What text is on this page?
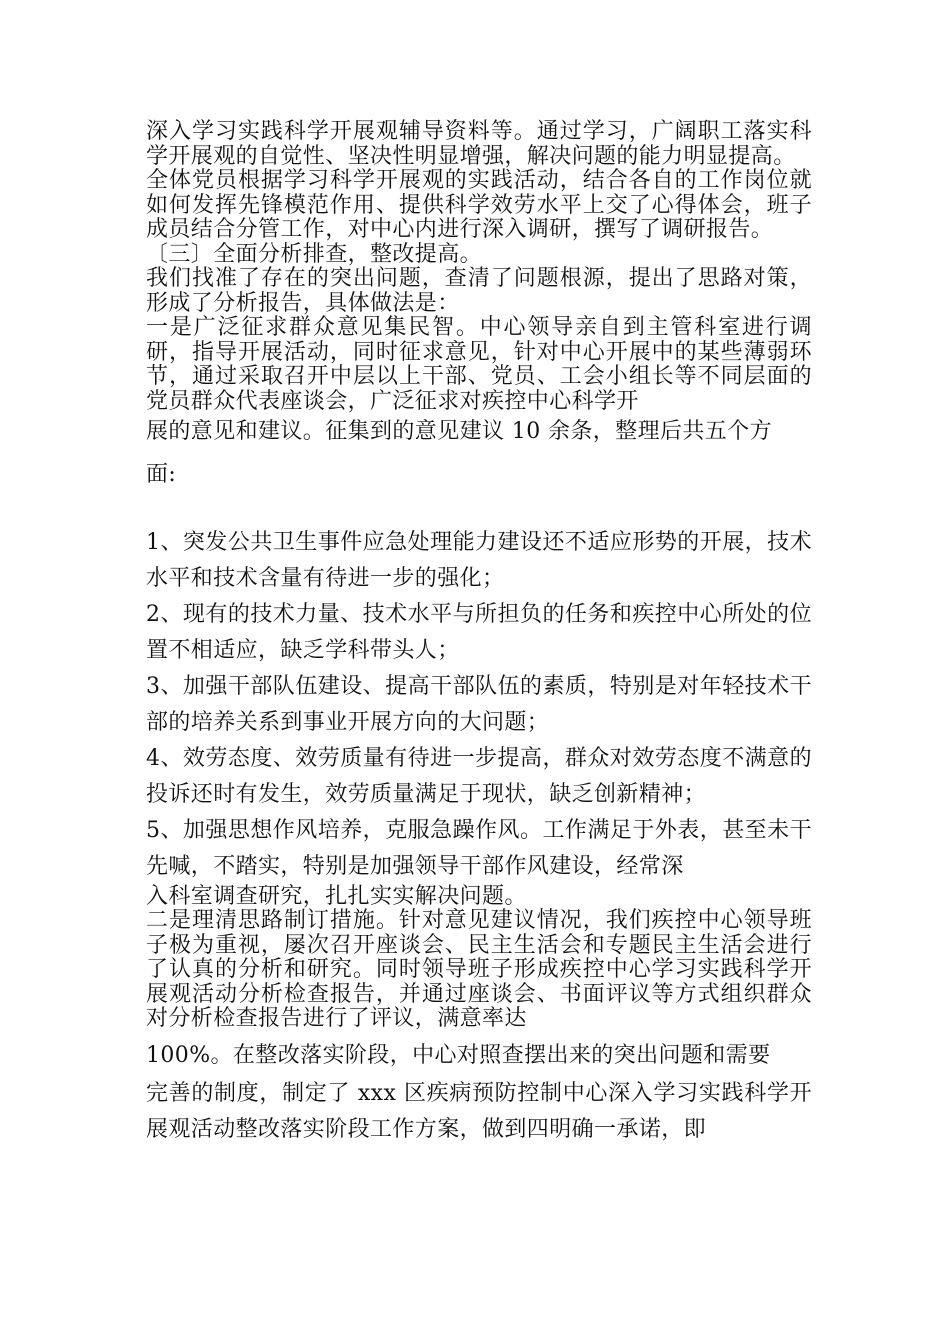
深入学习实践科学开展观辅导资料等。通过学习，广阔职工落实科学开展观的自觉性、坚决性明显增强，解决问题的能力明显提高。

全体党员根据学习科学开展观的实践活动，结合各自的工作岗位就如何发挥先锋模范作用、提供科学效劳水平上交了心得体会，班子成员结合分管工作，对中心内进行深入调研，撰写了调研报告。

〔三〕全面分析排查，整改提高。

我们找准了存在的突出问题，查清了问题根源，提出了思路对策，形成了分析报告，具体做法是：

一是广泛征求群众意见集民智。中心领导亲自到主管科室进行调研，指导开展活动，同时征求意见，针对中心开展中的某些薄弱环节，通过采取召开中层以上干部、党员、工会小组长等不同层面的党员群众代表座谈会，广泛征求对疾控中心科学开

展的意见和建议。征集到的意见建议 10 余条，整理后共五个方

面:

1、突发公共卫生事件应急处理能力建设还不适应形势的开展，技术水平和技术含量有待进一步的强化；

2、现有的技术力量、技术水平与所担负的任务和疾控中心所处的位置不相适应，缺乏学科带头人；

3、加强干部队伍建设、提高干部队伍的素质，特别是对年轻技术干部的培养关系到事业开展方向的大问题；

4、效劳态度、效劳质量有待进一步提高，群众对效劳态度不满意的投诉还时有发生，效劳质量满足于现状，缺乏创新精神；

5、加强思想作风培养，克服急躁作风。工作满足于外表，甚至未干先喊，不踏实，特别是加强领导干部作风建设，经常深

入科室调查研究，扎扎实实解决问题。

二是理清思路制订措施。针对意见建议情况，我们疾控中心领导班子极为重视，屡次召开座谈会、民主生活会和专题民主生活会进行了认真的分析和研究。同时领导班子形成疾控中心学习实践科学开展观活动分析检查报告，并通过座谈会、书面评议等方式组织群众对分析检查报告进行了评议，满意率达

100%。在整改落实阶段，中心对照查摆出来的突出问题和需要

完善的制度，制定了 xxx 区疾病预防控制中心深入学习实践科学开展观活动整改落实阶段工作方案，做到四明确一承诺，即
